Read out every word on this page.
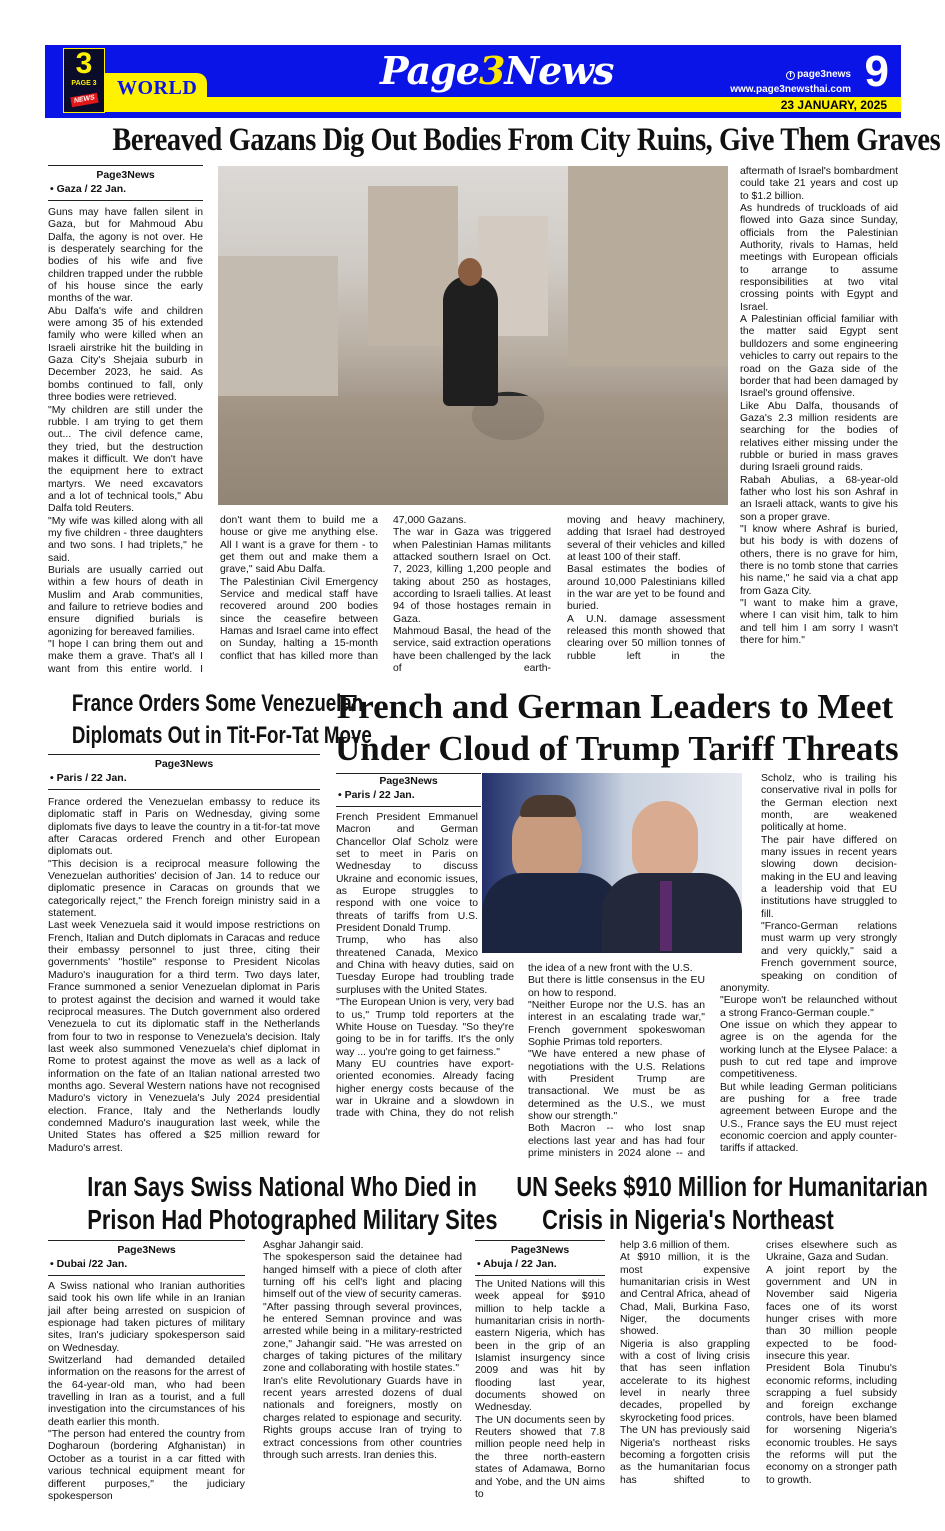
3
PAGE 3
NEWS
WORLD	Page3News	f page3news
www.page3newsthai.com 9
23 JANUARY, 2025
Bereaved Gazans Dig Out Bodies From City Ruins, Give Them Graves
Page3News
• Gaza / 22 Jan.

Guns may have fallen silent in Gaza, but for Mahmoud Abu Dalfa, the agony is not over. He is desperately searching for the bodies of his wife and five children trapped under the rubble of his house since the early months of the war.

Abu Dalfa's wife and children were among 35 of his extended family who were killed when an Israeli airstrike hit the building in Gaza City's Shejaia suburb in December 2023, he said. As bombs continued to fall, only three bodies were retrieved.

"My children are still under the rubble. I am trying to get them out... The civil defence came, they tried, but the destruction makes it difficult. We don't have the equipment here to extract martyrs. We need excavators and a lot of technical tools," Abu Dalfa told Reuters.

"My wife was killed along with all my five children - three daughters and two sons. I had triplets," he said.

Burials are usually carried out within a few hours of death in Muslim and Arab communities, and failure to retrieve bodies and ensure dignified burials is agonizing for bereaved families.

"I hope I can bring them out and make them a grave. That's all I want from this entire world. I

don't want them to build me a house or give me anything else. All I want is a grave for them - to get them out and make them a grave," said Abu Dalfa.

The Palestinian Civil Emergency Service and medical staff have recovered around 200 bodies since the ceasefire between Hamas and Israel came into effect on Sunday, halting a 15-month conflict that has killed more than

47,000 Gazans.

The war in Gaza was triggered when Palestinian Hamas militants attacked southern Israel on Oct. 7, 2023, killing 1,200 people and taking about 250 as hostages, according to Israeli tallies. At least 94 of those hostages remain in Gaza.

Mahmoud Basal, the head of the service, said extraction operations have been challenged by the lack of earth-

moving and heavy machinery, adding that Israel had destroyed several of their vehicles and killed at least 100 of their staff.

Basal estimates the bodies of around 10,000 Palestinians killed in the war are yet to be found and buried.

A U.N. damage assessment released this month showed that clearing over 50 million tonnes of rubble left in the

aftermath of Israel's bombardment could take 21 years and cost up to $1.2 billion.

As hundreds of truckloads of aid flowed into Gaza since Sunday, officials from the Palestinian Authority, rivals to Hamas, held meetings with European officials to arrange to assume responsibilities at two vital crossing points with Egypt and Israel.

A Palestinian official familiar with the matter said Egypt sent bulldozers and some engineering vehicles to carry out repairs to the road on the Gaza side of the border that had been damaged by Israel's ground offensive.

Like Abu Dalfa, thousands of Gaza's 2.3 million residents are searching for the bodies of relatives either missing under the rubble or buried in mass graves during Israeli ground raids.

Rabah Abulias, a 68-year-old father who lost his son Ashraf in an Israeli attack, wants to give his son a proper grave.

"I know where Ashraf is buried, but his body is with dozens of others, there is no grave for him, there is no tomb stone that carries his name," he said via a chat app from Gaza City.

"I want to make him a grave, where I can visit him, talk to him and tell him I am sorry I wasn't there for him."

France Orders Some Venezuelan
Diplomats Out in Tit-For-Tat Move
Page3News
• Paris / 22 Jan.

France ordered the Venezuelan embassy to reduce its diplomatic staff in Paris on Wednesday, giving some diplomats five days to leave the country in a tit-for-tat move after Caracas ordered French and other European diplomats out.

"This decision is a reciprocal measure following the Venezuelan authorities' decision of Jan. 14 to reduce our diplomatic presence in Caracas on grounds that we categorically reject," the French foreign ministry said in a statement.

Last week Venezuela said it would impose restrictions on French, Italian and Dutch diplomats in Caracas and reduce their embassy personnel to just three, citing their governments' "hostile" response to President Nicolas Maduro's inauguration for a third term. Two days later, France summoned a senior Venezuelan diplomat in Paris to protest against the decision and warned it would take reciprocal measures. The Dutch government also ordered Venezuela to cut its diplomatic staff in the Netherlands from four to two in response to Venezuela's decision. Italy last week also summoned Venezuela's chief diplomat in Rome to protest against the move as well as a lack of information on the fate of an Italian national arrested two months ago. Several Western nations have not recognised Maduro's victory in Venezuela's July 2024 presidential election. France, Italy and the Netherlands loudly condemned Maduro's inauguration last week, while the United States has offered a $25 million reward for Maduro's arrest.

French and German Leaders to Meet
Under Cloud of Trump Tariff Threats
Page3News
• Paris / 22 Jan.

French President Emmanuel Macron and German Chancellor Olaf Scholz were set to meet in Paris on Wednesday to discuss Ukraine and economic issues, as Europe struggles to respond with one voice to threats of tariffs from U.S. President Donald Trump.

Trump, who has also threatened Canada, Mexico and China with heavy duties, said on Tuesday Europe had troubling trade surpluses with the United States.

"The European Union is very, very bad to us," Trump told reporters at the White House on Tuesday. "So they're going to be in for tariffs. It's the only way ... you're going to get fairness."

Many EU countries have export-oriented economies. Already facing higher energy costs because of the war in Ukraine and a slowdown in trade with China, they do not relish

the idea of a new front with the U.S.

But there is little consensus in the EU on how to respond.

"Neither Europe nor the U.S. has an interest in an escalating trade war," French government spokeswoman Sophie Primas told reporters.

"We have entered a new phase of negotiations with the U.S. Relations with President Trump are transactional. We must be as determined as the U.S., we must show our strength."

Both Macron -- who lost snap elections last year and has had four prime ministers in 2024 alone -- and

Scholz, who is trailing his conservative rival in polls for the German election next month, are weakened politically at home.

The pair have differed on many issues in recent years slowing down decision-making in the EU and leaving a leadership void that EU institutions have struggled to fill.

"Franco-German relations must warm up very strongly and very quickly," said a French government source, speaking on condition of anonymity.

"Europe won't be relaunched without a strong Franco-German couple."

One issue on which they appear to agree is on the agenda for the working lunch at the Elysee Palace: a push to cut red tape and improve competitiveness.

But while leading German politicians are pushing for a free trade agreement between Europe and the U.S., France says the EU must reject economic coercion and apply counter-tariffs if attacked.

Iran Says Swiss National Who Died in
Prison Had Photographed Military Sites
Page3News
• Dubai /22 Jan.

A Swiss national who Iranian authorities said took his own life while in an Iranian jail after being arrested on suspicion of espionage had taken pictures of military sites, Iran's judiciary spokesperson said on Wednesday.

Switzerland had demanded detailed information on the reasons for the arrest of the 64-year-old man, who had been travelling in Iran as a tourist, and a full investigation into the circumstances of his death earlier this month.

"The person had entered the country from Dogharoun (bordering Afghanistan) in October as a tourist in a car fitted with various technical equipment meant for different purposes," the judiciary spokesperson

Asghar Jahangir said.

The spokesperson said the detainee had hanged himself with a piece of cloth after turning off his cell's light and placing himself out of the view of security cameras.

"After passing through several provinces, he entered Semnan province and was arrested while being in a military-restricted zone," Jahangir said. "He was arrested on charges of taking pictures of the military zone and collaborating with hostile states."

Iran's elite Revolutionary Guards have in recent years arrested dozens of dual nationals and foreigners, mostly on charges related to espionage and security. Rights groups accuse Iran of trying to extract concessions from other countries through such arrests. Iran denies this.

UN Seeks $910 Million for Humanitarian
Crisis in Nigeria's Northeast
Page3News
• Abuja / 22 Jan.

The United Nations will this week appeal for $910 million to help tackle a humanitarian crisis in north-eastern Nigeria, which has been in the grip of an Islamist insurgency since 2009 and was hit by flooding last year, documents showed on Wednesday.

The UN documents seen by Reuters showed that 7.8 million people need help in the three north-eastern states of Adamawa, Borno and Yobe, and the UN aims to

help 3.6 million of them.

At $910 million, it is the most expensive humanitarian crisis in West and Central Africa, ahead of Chad, Mali, Burkina Faso, Niger, the documents showed.

Nigeria is also grappling with a cost of living crisis that has seen inflation accelerate to its highest level in nearly three decades, propelled by skyrocketing food prices.

The UN has previously said Nigeria's northeast risks becoming a forgotten crisis as the humanitarian focus has shifted to

crises elsewhere such as Ukraine, Gaza and Sudan.

A joint report by the government and UN in November said Nigeria faces one of its worst hunger crises with more than 30 million people expected to be food-insecure this year.

President Bola Tinubu's economic reforms, including scrapping a fuel subsidy and foreign exchange controls, have been blamed for worsening Nigeria's economic troubles. He says the reforms will put the economy on a stronger path to growth.
